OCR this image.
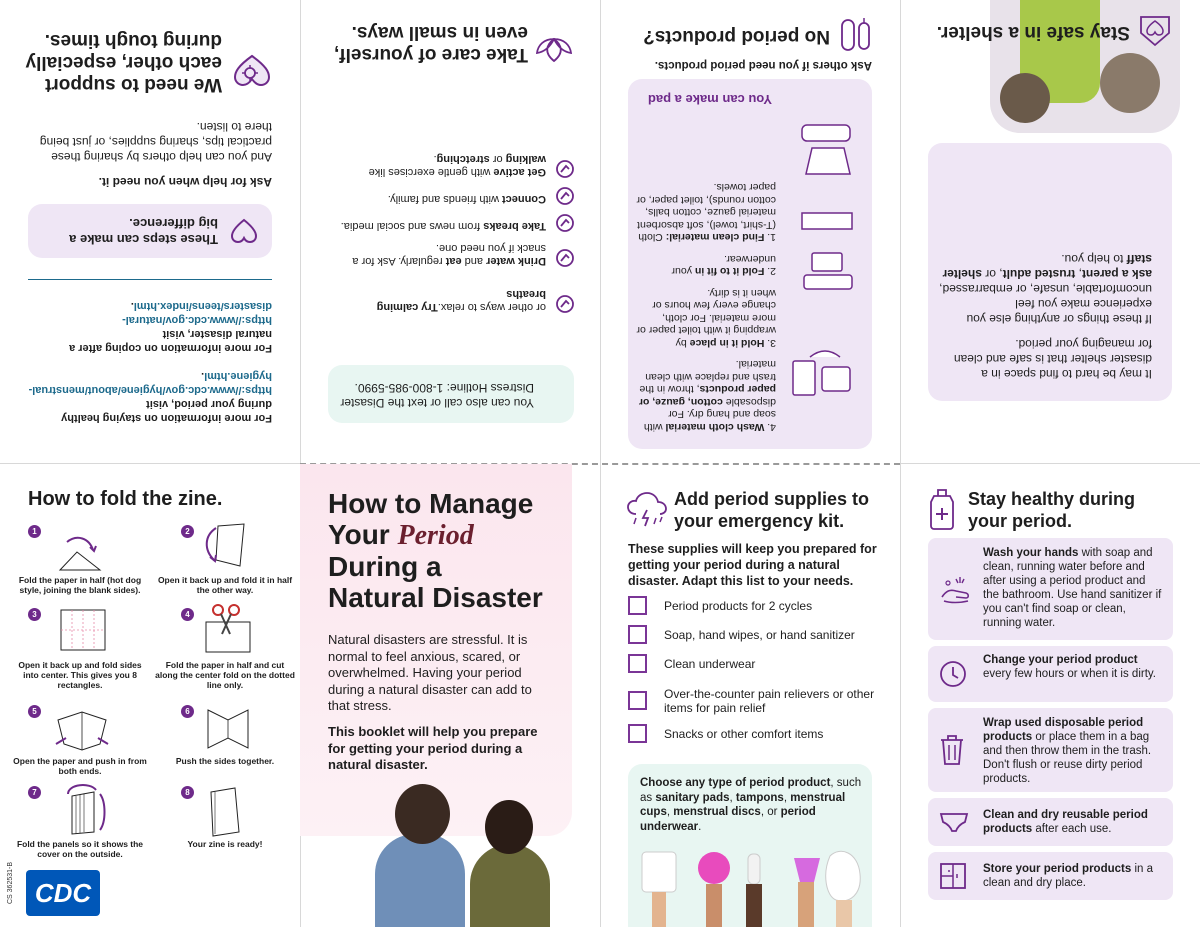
For more information on staying healthy during your period, visit https://www.cdc.gov/hygiene/about/menstrual-hygiene.html.

For more information on coping after a natural disaster, visit https://www.cdc.gov/natural-disasters/teens/index.html.

These steps can make a big difference.

Ask for help when you need it.

And you can help others by sharing these practical tips, sharing supplies, or just being there to listen.

We need to support each other, especially during tough times.
You can also call or text the Disaster Distress Hotline: 1-800-985-5990.
or other ways to relax.Try calming breaths
Drink water and eat regularly. Ask for a snack if you need one.
Take breaks from news and social media.
Connect with friends and family.
Get active with gentle exercises like walking or stretching.
Take care of yourself, even in small ways.
4. Wash cloth material with soap and hang dry. For disposable cotton, gauze, or paper products, throw in the trash and replace with clean material.
3. Hold it in place by wrapping it with toilet paper or more material. For cloth, change every few hours or when it is dirty.
2. Fold it to fit in your underwear.
1. Find clean material: Cloth (T-shirt, towel), soft absorbent material gauze, cotton balls, cotton rounds), toilet paper, or paper towels.
You can make a pad
Ask others if you need period products.
No period products?

It may be hard to find space in a disaster shelter that is safe and clean for managing your period.

If these things or anything else you experience make you feel uncomfortable, unsafe, or embarrassed, ask a parent, trusted adult, or shelter staff to help you.

Stay safe in a shelter.
How to fold the zine.
1
Fold the paper in half (hot dog style, joining the blank sides).
2
Open it back up and fold it in half the other way.
3
Open it back up and fold sides into center. This gives you 8 rectangles.
4
Fold the paper in half and cut along the center fold on the dotted line only.
5
Open the paper and push in from both ends.
6
Push the sides together.
7
Fold the panels so it shows the cover on the outside.
8
Your zine is ready!
CS 362531-B CDC
How to Manage
Your Period
During a
Natural Disaster

Natural disasters are stressful. It is normal to feel anxious, scared, or overwhelmed. Having your period during a natural disaster can add to that stress.

This booklet will help you prepare for getting your period during a natural disaster.

Add period supplies to your emergency kit.

These supplies will keep you prepared for getting your period during a natural disaster. Adapt this list to your needs.

Period products for 2 cycles
Soap, hand wipes, or hand sanitizer
Clean underwear
Over-the-counter pain relievers or other items for pain relief
Snacks or other comfort items

Choose any type of period product, such as sanitary pads, tampons, menstrual cups, menstrual discs, or period underwear.

Stay healthy during your period.
Wash your hands with soap and clean, running water before and after using a period product and the bathroom. Use hand sanitizer if you can't find soap or clean, running water.
Change your period product every few hours or when it is dirty.
Wrap used disposable period products or place them in a bag and then throw them in the trash. Don't flush or reuse dirty period products.
Clean and dry reusable period products after each use.
Store your period products in a clean and dry place.
